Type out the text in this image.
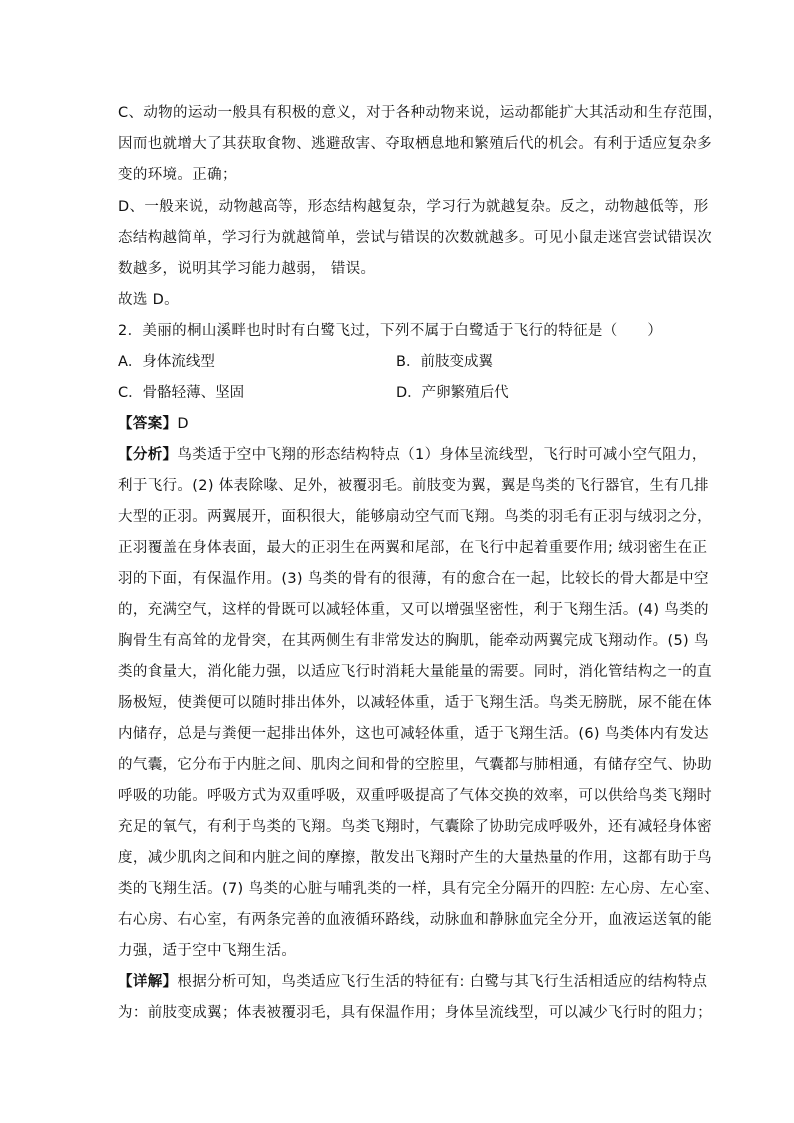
C、动物的运动一般具有积极的意义，对于各种动物来说，运动都能扩大其活动和生存范围，
因而也就增大了其获取食物、逃避敌害、夺取栖息地和繁殖后代的机会。有利于适应复杂多
变的环境。正确；
D、一般来说，动物越高等，形态结构越复杂，学习行为就越复杂。反之，动物越低等，形
态结构越简单，学习行为就越简单，尝试与错误的次数就越多。可见小鼠走迷宫尝试错误次
数越多，说明其学习能力越弱， 错误。
故选 D。
2．美丽的桐山溪畔也时时有白鹭飞过，下列不属于白鹭适于飞行的特征是（　　）
A．身体流线型	B．前肢变成翼
C．骨骼轻薄、坚固	D．产卵繁殖后代
【答案】D
【分析】鸟类适于空中飞翔的形态结构特点（1）身体呈流线型，飞行时可减小空气阻力，
利于飞行。(2) 体表除喙、足外，被覆羽毛。前肢变为翼，翼是鸟类的飞行器官，生有几排
大型的正羽。两翼展开，面积很大，能够扇动空气而飞翔。鸟类的羽毛有正羽与绒羽之分，
正羽覆盖在身体表面，最大的正羽生在两翼和尾部，在飞行中起着重要作用; 绒羽密生在正
羽的下面，有保温作用。(3) 鸟类的骨有的很薄，有的愈合在一起，比较长的骨大都是中空
的，充满空气，这样的骨既可以减轻体重，又可以增强坚密性，利于飞翔生活。(4) 鸟类的
胸骨生有高耸的龙骨突，在其两侧生有非常发达的胸肌，能牵动两翼完成飞翔动作。(5) 鸟
类的食量大，消化能力强，以适应飞行时消耗大量能量的需要。同时，消化管结构之一的直
肠极短，使粪便可以随时排出体外，以减轻体重，适于飞翔生活。鸟类无膀胱，尿不能在体
内储存，总是与粪便一起排出体外，这也可减轻体重，适于飞翔生活。(6) 鸟类体内有发达
的气囊，它分布于内脏之间、肌肉之间和骨的空腔里，气囊都与肺相通，有储存空气、协助
呼吸的功能。呼吸方式为双重呼吸，双重呼吸提高了气体交换的效率，可以供给鸟类飞翔时
充足的氧气，有利于鸟类的飞翔。鸟类飞翔时，气囊除了协助完成呼吸外，还有减轻身体密
度，减少肌肉之间和内脏之间的摩擦，散发出飞翔时产生的大量热量的作用，这都有助于鸟
类的飞翔生活。(7) 鸟类的心脏与哺乳类的一样，具有完全分隔开的四腔: 左心房、左心室、
右心房、右心室，有两条完善的血液循环路线，动脉血和静脉血完全分开，血液运送氧的能
力强，适于空中飞翔生活。
【详解】根据分析可知，鸟类适应飞行生活的特征有: 白鹭与其飞行生活相适应的结构特点
为：前肢变成翼；体表被覆羽毛，具有保温作用；身体呈流线型，可以减少飞行时的阻力；
